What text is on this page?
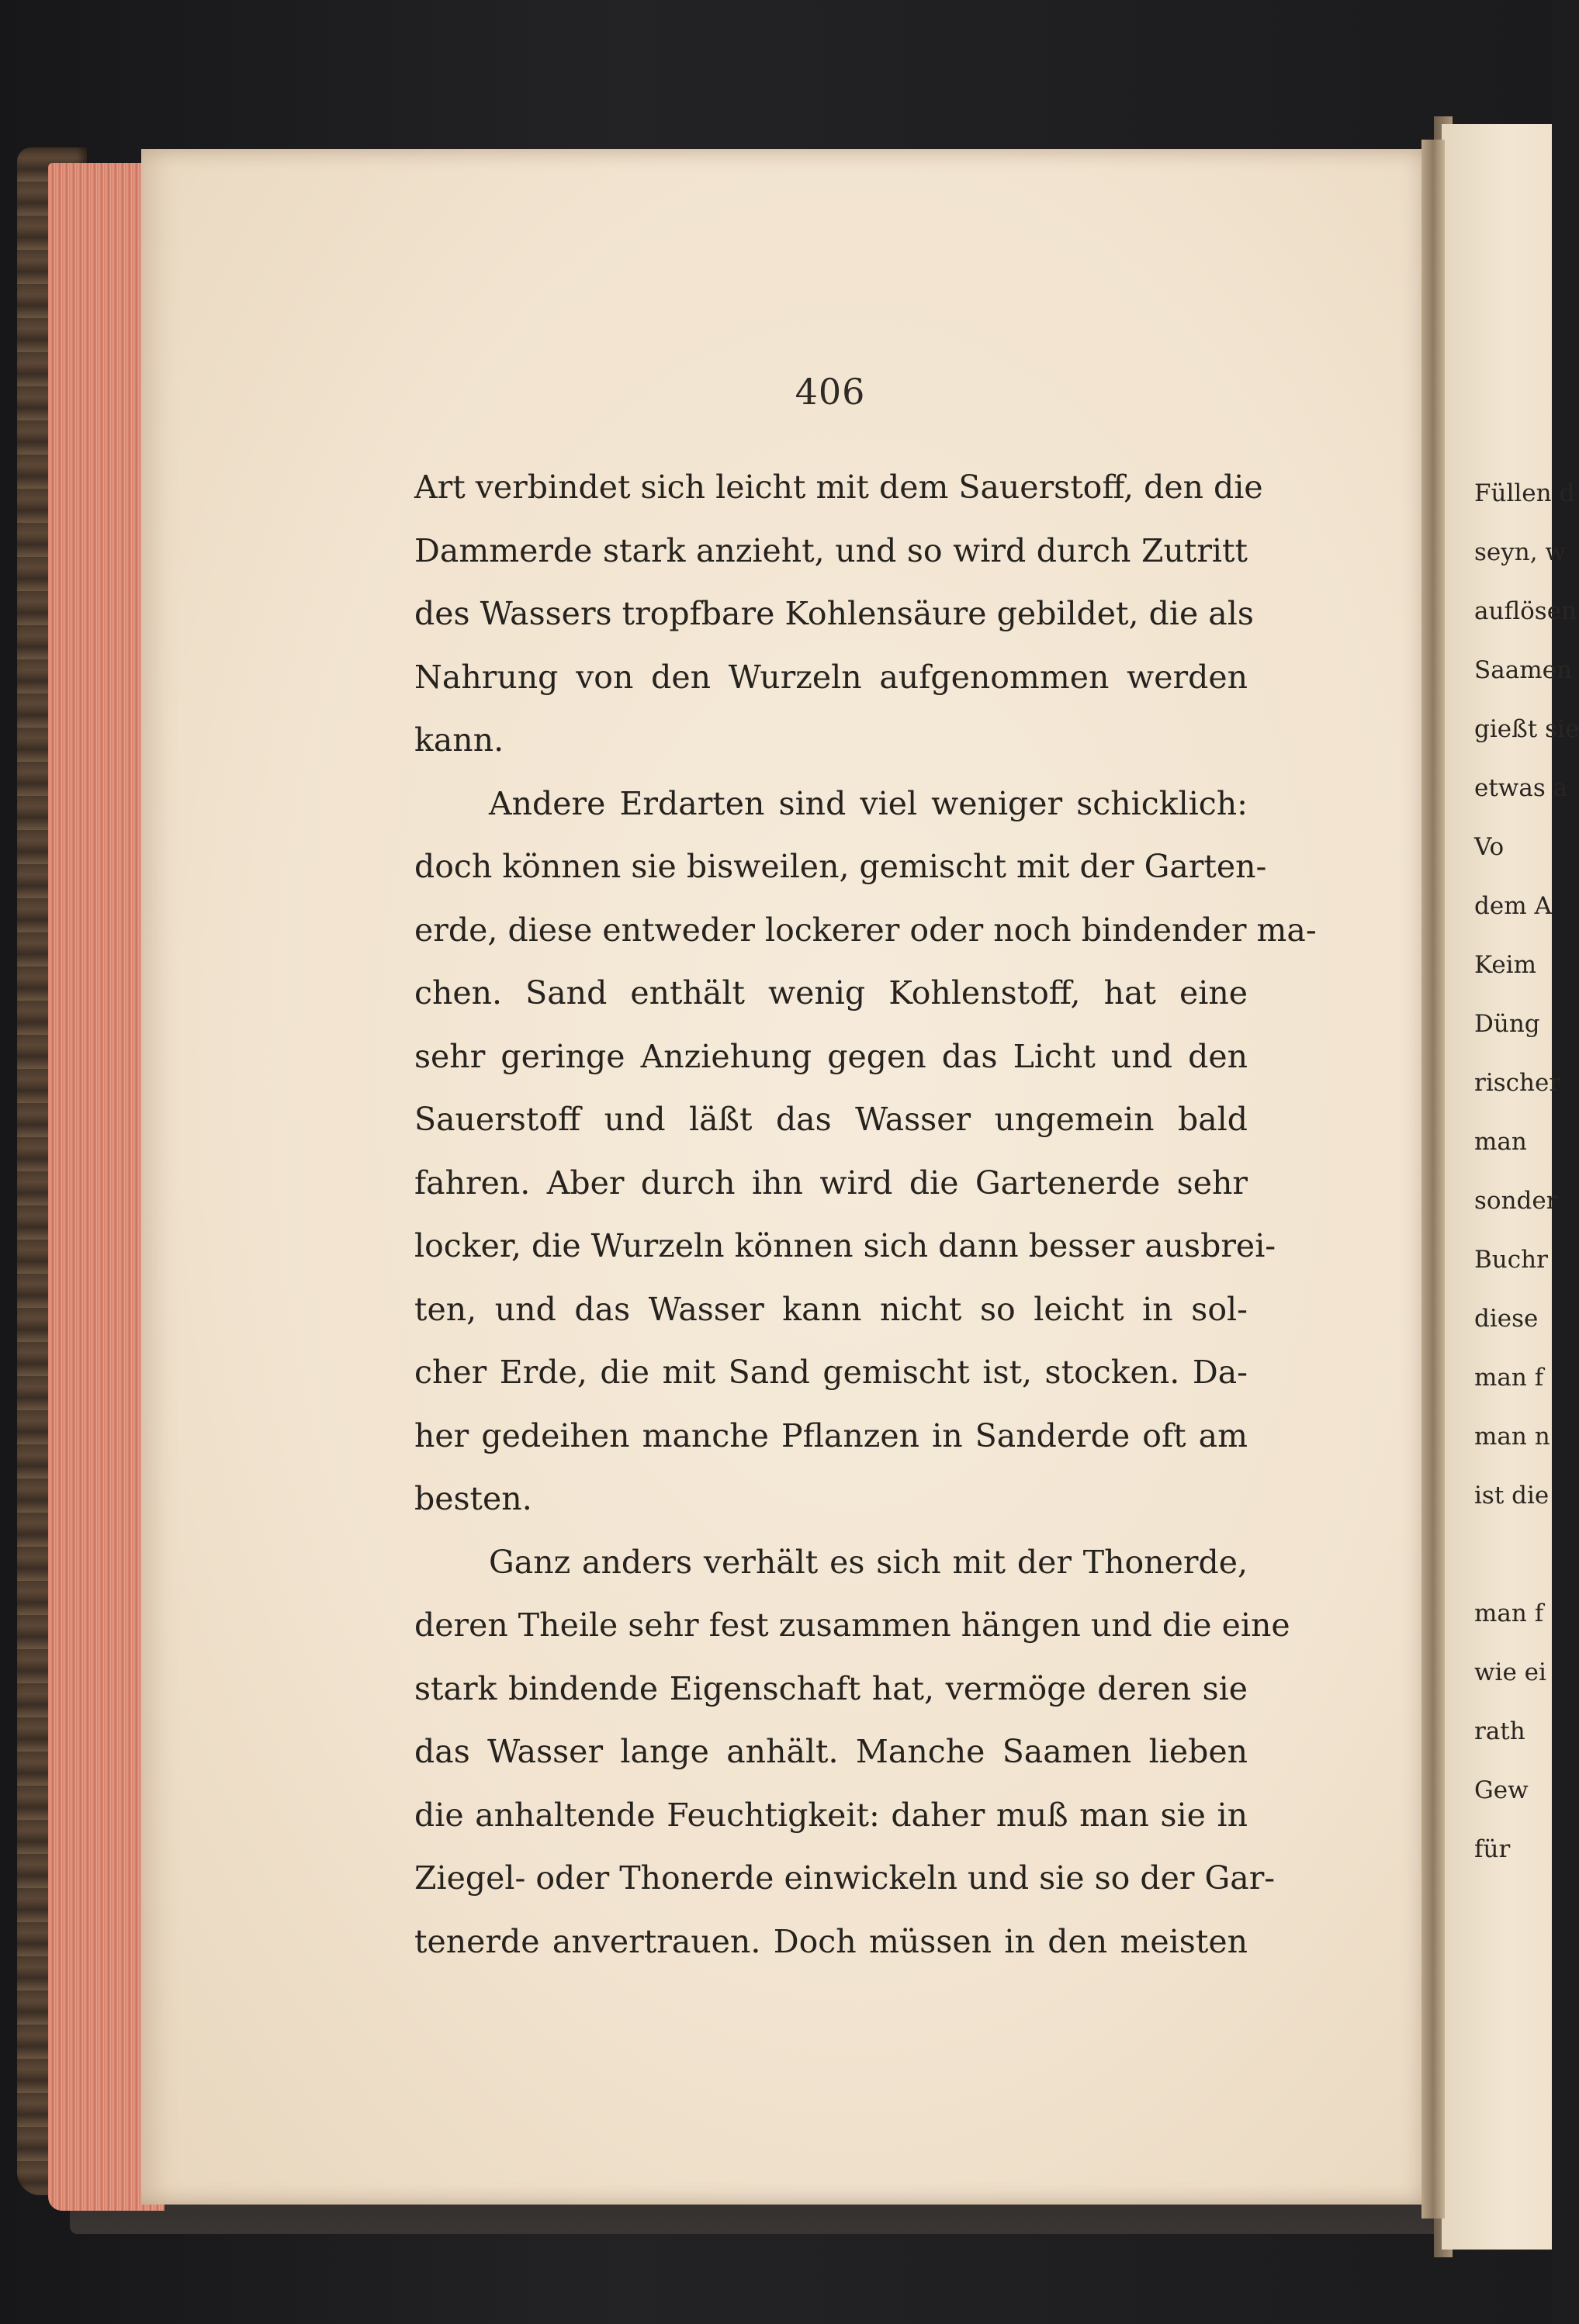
406
Art verbindet sich leicht mit dem Sauerstoff, den die
Dammerde stark anzieht, und so wird durch Zutritt
des Wassers tropfbare Kohlensäure gebildet, die als
Nahrung von den Wurzeln aufgenommen werden
kann.
Andere Erdarten sind viel weniger schicklich:
doch können sie bisweilen, gemischt mit der Garten-
erde, diese entweder lockerer oder noch bindender ma-
chen. Sand enthält wenig Kohlenstoff, hat eine
sehr geringe Anziehung gegen das Licht und den
Sauerstoff und läßt das Wasser ungemein bald
fahren. Aber durch ihn wird die Gartenerde sehr
locker, die Wurzeln können sich dann besser ausbrei-
ten, und das Wasser kann nicht so leicht in sol-
cher Erde, die mit Sand gemischt ist, stocken. Da-
her gedeihen manche Pflanzen in Sanderde oft am
besten.
Ganz anders verhält es sich mit der Thonerde,
deren Theile sehr fest zusammen hängen und die eine
stark bindende Eigenschaft hat, vermöge deren sie
das Wasser lange anhält. Manche Saamen lieben
die anhaltende Feuchtigkeit: daher muß man sie in
Ziegel- oder Thonerde einwickeln und sie so der Gar-
tenerde anvertrauen. Doch müssen in den meisten
Füllen d
seyn, w
auflösen
Saamen
gießt sie
etwas a
Vo
dem A
Keim
Düng
rischer
man
sonder
Buchr
diese
man f
man n
ist die
man f
wie ei
rath
Gew
für
